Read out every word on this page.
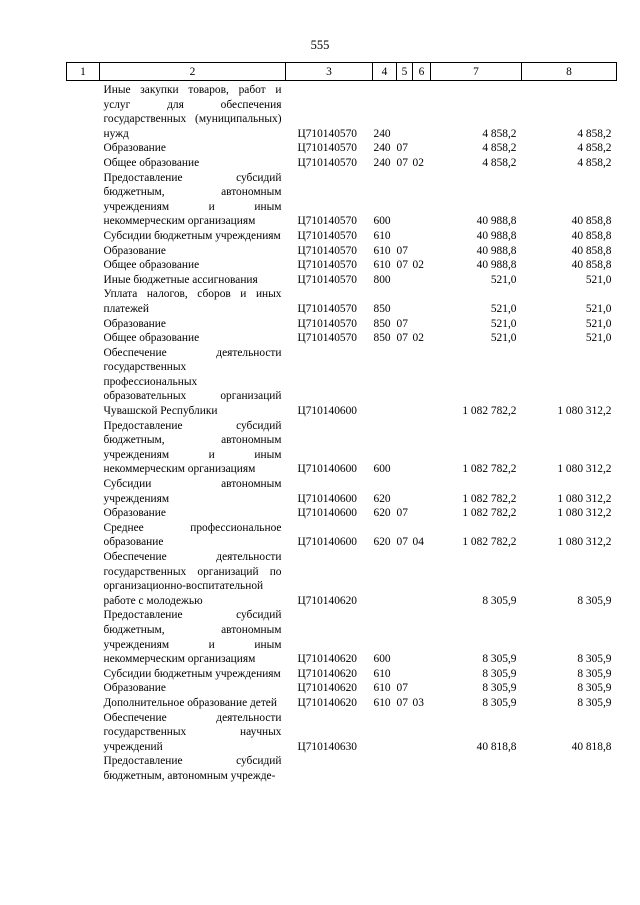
555
1	2	3	4	5	6	7	8
	Иные закупки товаров, работ и услуг для обеспечения государственных (муниципальных) нужд	Ц710140570	240			4 858,2	4 858,2
	Образование	Ц710140570	240	07		4 858,2	4 858,2
	Общее образование	Ц710140570	240	07	02	4 858,2	4 858,2
	Предоставление субсидий бюджетным, автономным учреждениям и иным некоммерческим организациям	Ц710140570	600			40 988,8	40 858,8
	Субсидии бюджетным учреждениям	Ц710140570	610			40 988,8	40 858,8
	Образование	Ц710140570	610	07		40 988,8	40 858,8
	Общее образование	Ц710140570	610	07	02	40 988,8	40 858,8
	Иные бюджетные ассигнования	Ц710140570	800			521,0	521,0
	Уплата налогов, сборов и иных платежей	Ц710140570	850			521,0	521,0
	Образование	Ц710140570	850	07		521,0	521,0
	Общее образование	Ц710140570	850	07	02	521,0	521,0
	Обеспечение деятельности государственных профессиональных образовательных организаций Чувашской Республики	Ц710140600				1 082 782,2	1 080 312,2
	Предоставление субсидий бюджетным, автономным учреждениям и иным некоммерческим организациям	Ц710140600	600			1 082 782,2	1 080 312,2
	Субсидии автономным учреждениям	Ц710140600	620			1 082 782,2	1 080 312,2
	Образование	Ц710140600	620	07		1 082 782,2	1 080 312,2
	Среднее профессиональное образование	Ц710140600	620	07	04	1 082 782,2	1 080 312,2
	Обеспечение деятельности государственных организаций по организационно-воспитательной работе с молодежью	Ц710140620				8 305,9	8 305,9
	Предоставление субсидий бюджетным, автономным учреждениям и иным некоммерческим организациям	Ц710140620	600			8 305,9	8 305,9
	Субсидии бюджетным учреждениям	Ц710140620	610			8 305,9	8 305,9
	Образование	Ц710140620	610	07		8 305,9	8 305,9
	Дополнительное образование детей	Ц710140620	610	07	03	8 305,9	8 305,9
	Обеспечение деятельности государственных научных учреждений	Ц710140630				40 818,8	40 818,8
	Предоставление субсидий бюджетным, автономным учрежде-						
